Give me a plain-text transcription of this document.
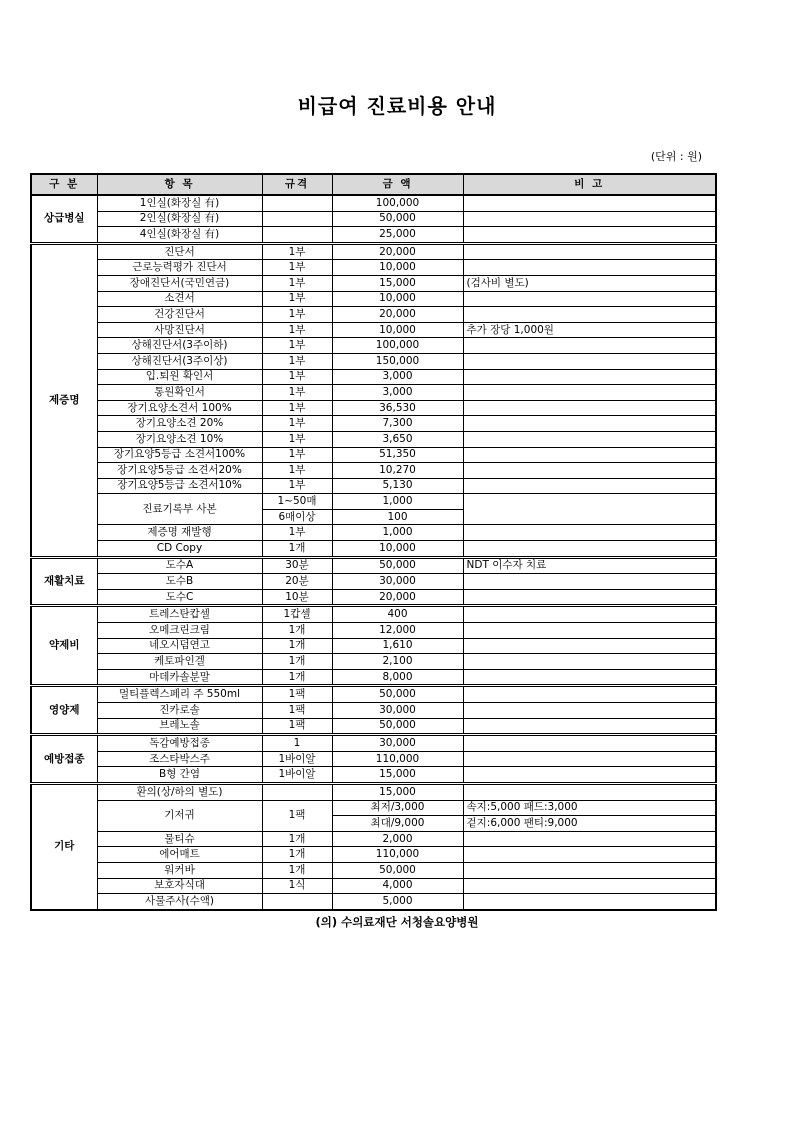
비급여 진료비용 안내
(단위 : 원)
구 분	항 목	규격	금 액	비 고
상급병실	1인실(화장실 有)		100,000	
	2인실(화장실 有)		50,000	
	4인실(화장실 有)		25,000	
제증명	진단서	1부	20,000	
	근로능력평가 진단서	1부	10,000	
	장애진단서(국민연금)	1부	15,000	(검사비 별도)
	소견서	1부	10,000	
	건강진단서	1부	20,000	
	사망진단서	1부	10,000	추가 장당 1,000원
	상해진단서(3주이하)	1부	100,000	
	상해진단서(3주이상)	1부	150,000	
	입.퇴원 확인서	1부	3,000	
	통원확인서	1부	3,000	
	장기요양소견서 100%	1부	36,530	
	장기요양소견 20%	1부	7,300	
	장기요양소견 10%	1부	3,650	
	장기요양5등급 소견서100%	1부	51,350	
	장기요양5등급 소견서20%	1부	10,270	
	장기요양5등급 소견서10%	1부	5,130	
	진료기록부 사본	1~50매	1,000	
		6매이상	100	
	제증명 재발행	1부	1,000	
	CD Copy	1개	10,000	
재활치료	도수A	30분	50,000	NDT 이수자 치료
	도수B	20분	30,000	
	도수C	10분	20,000	
약제비	트레스탄캅셀	1캅셀	400	
	오메크린크림	1개	12,000	
	네오시덤연고	1개	1,610	
	케토파인겔	1개	2,100	
	마데카솔분말	1개	8,000	
영양제	멀티플렉스페리 주 550ml	1팩	50,000	
	진카로솔	1팩	30,000	
	브레노솔	1팩	50,000	
예방접종	독감예방접종	1	30,000	
	조스타박스주	1바이알	110,000	
	B형 간염	1바이알	15,000	
기타	환의(상/하의 별도)		15,000	
	기저귀	1팩	최저/3,000	속지:5,000 패드:3,000
			최대/9,000	겉지:6,000 팬티:9,000
	물티슈	1개	2,000	
	에어매트	1개	110,000	
	워커바	1개	50,000	
	보호자식대	1식	4,000	
	사물주사(수액)		5,000	
(의) 수의료재단 서청솔요양병원
